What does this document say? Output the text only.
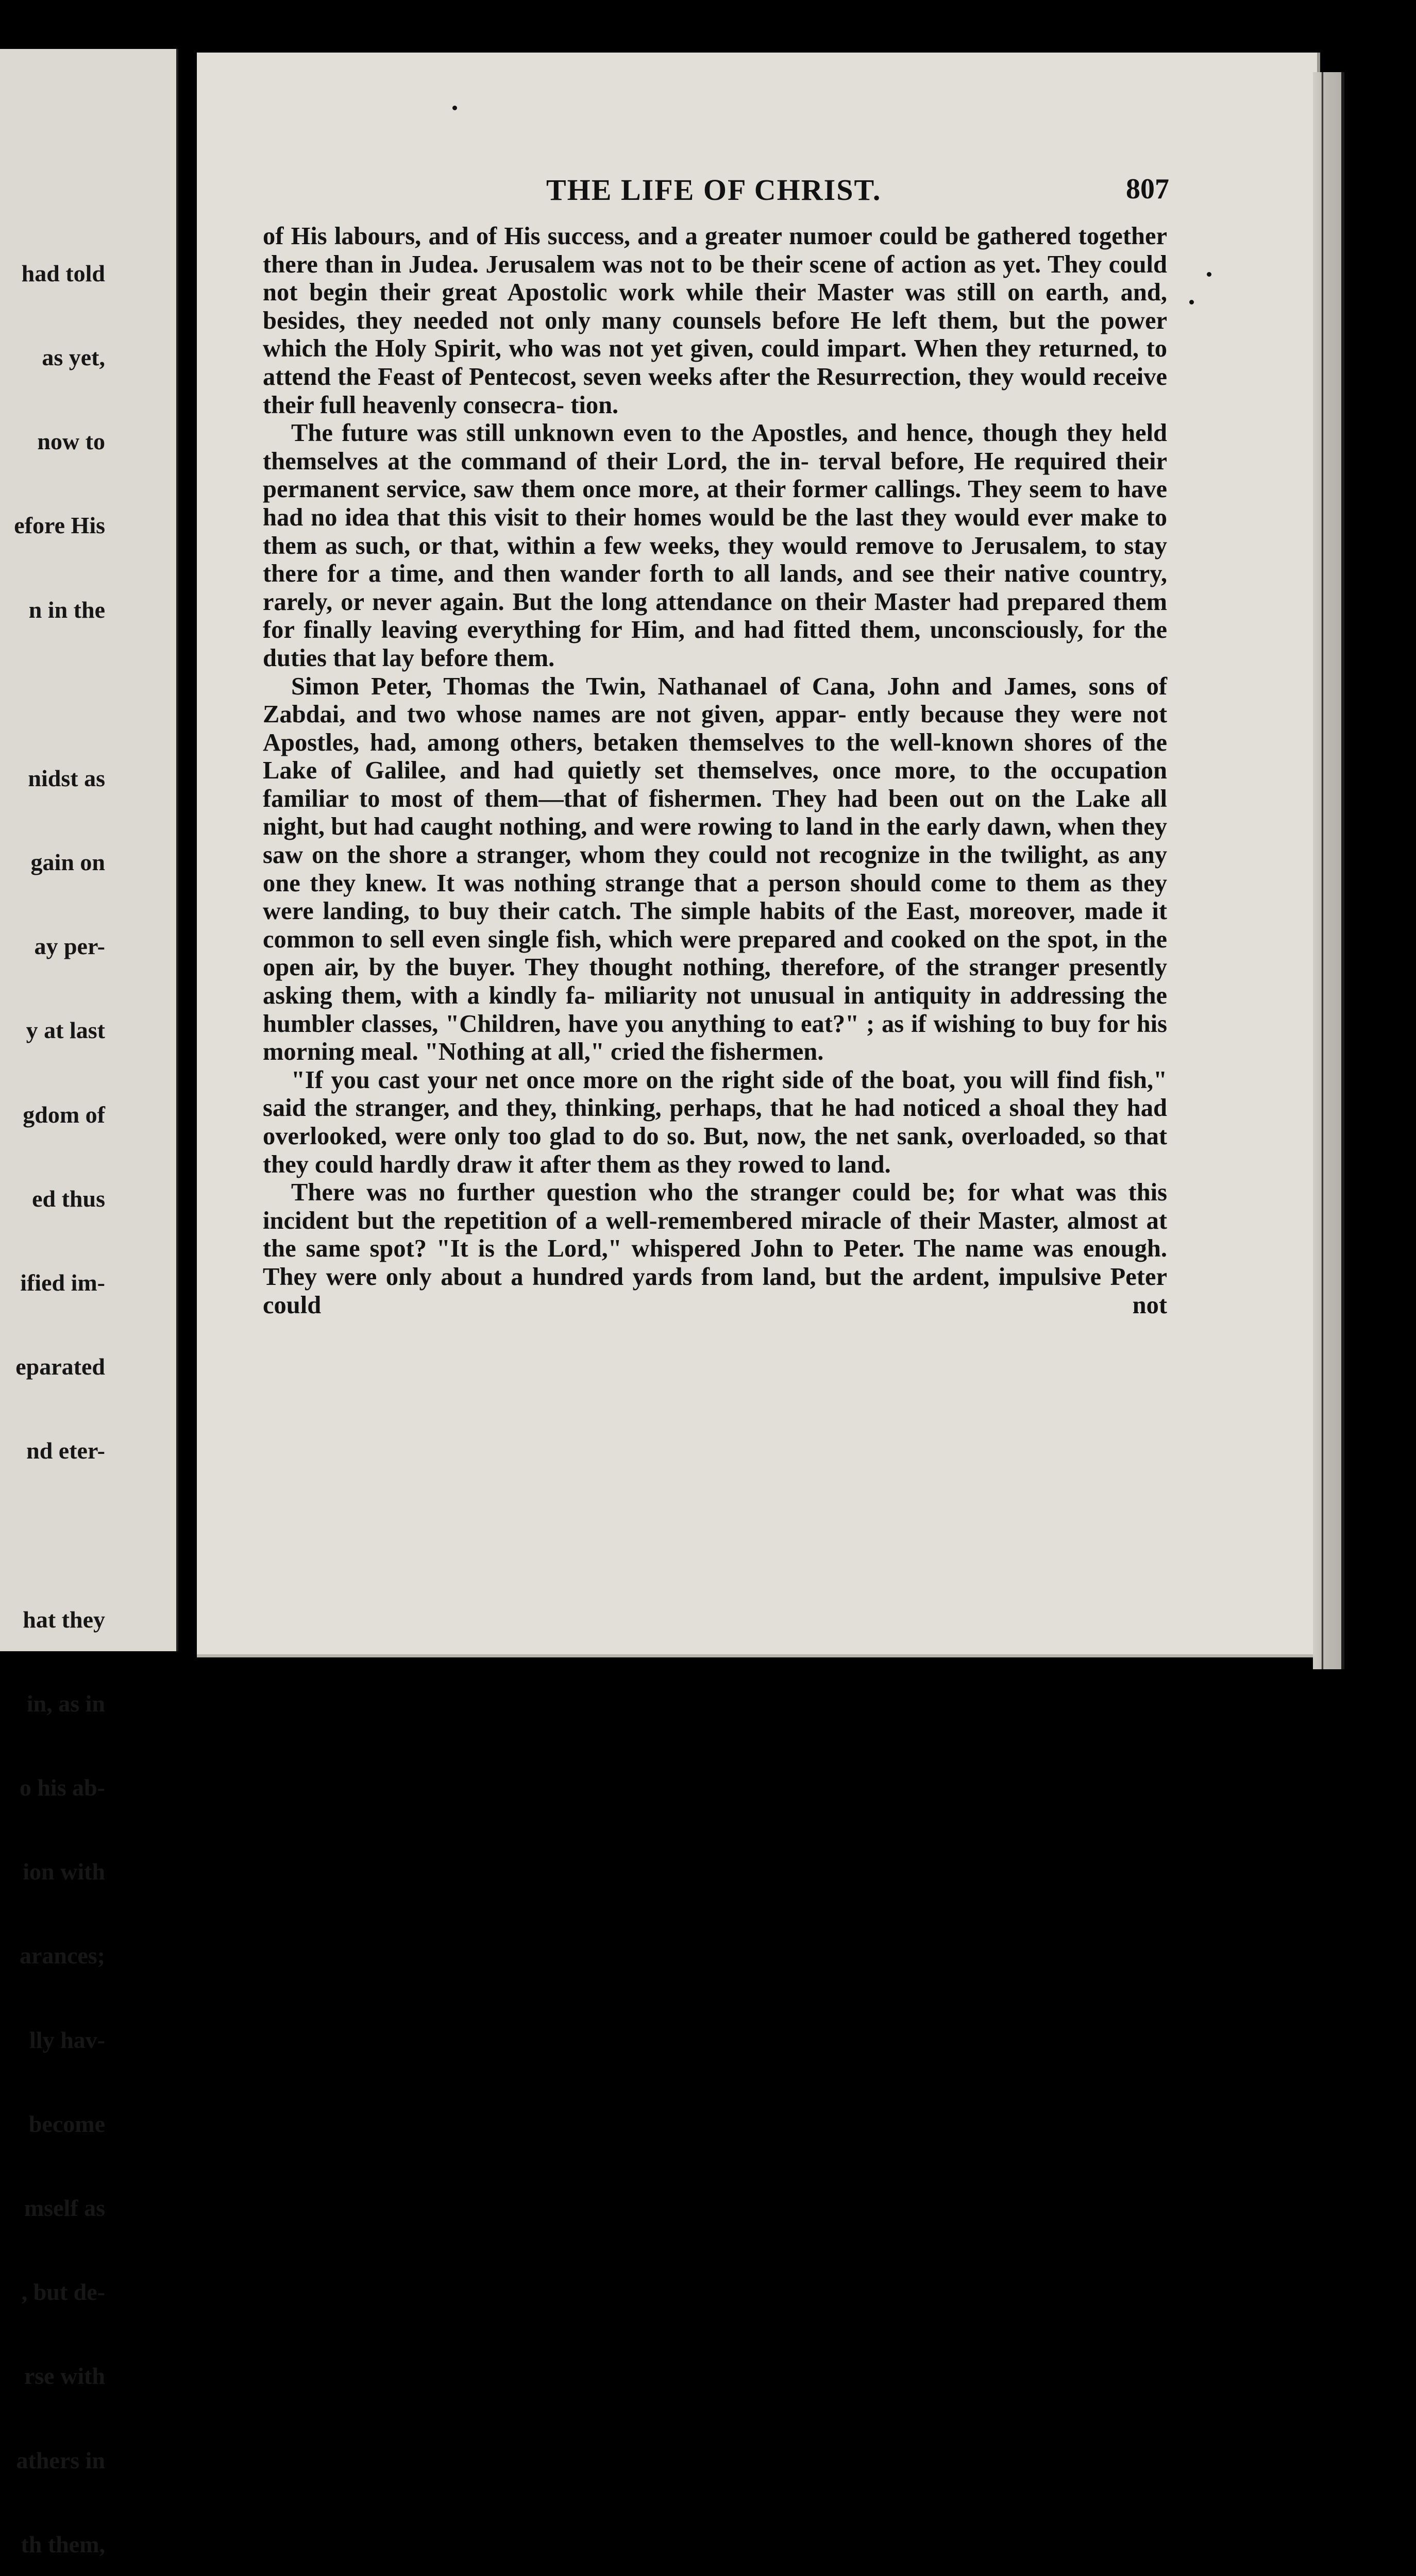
had told

as yet,

now to

efore His

n in the

nidst as

gain on

ay per-

y at last

gdom of

ed thus

ified im-

eparated

nd eter-

hat they

in, as in

o his ab-

ion with

arances;

lly hav-

become

mself as

, but de-

rse with

athers in

th them,

THE LIFE OF CHRIST.	807

of His labours, and of His success, and a greater numoer could be gathered together there than in Judea. Jerusalem was not to be their scene of action as yet. They could not begin their great Apostolic work while their Master was still on earth, and, besides, they needed not only many counsels before He left them, but the power which the Holy Spirit, who was not yet given, could impart. When they returned, to attend the Feast of Pentecost, seven weeks after the Resurrection, they would receive their full heavenly consecra- tion.

The future was still unknown even to the Apostles, and hence, though they held themselves at the command of their Lord, the in- terval before, He required their permanent service, saw them once more, at their former callings. They seem to have had no idea that this visit to their homes would be the last they would ever make to them as such, or that, within a few weeks, they would remove to Jerusalem, to stay there for a time, and then wander forth to all lands, and see their native country, rarely, or never again. But the long attendance on their Master had prepared them for finally leaving everything for Him, and had fitted them, unconsciously, for the duties that lay before them.

Simon Peter, Thomas the Twin, Nathanael of Cana, John and James, sons of Zabdai, and two whose names are not given, appar- ently because they were not Apostles, had, among others, betaken themselves to the well-known shores of the Lake of Galilee, and had quietly set themselves, once more, to the occupation familiar to most of them—that of fishermen. They had been out on the Lake all night, but had caught nothing, and were rowing to land in the early dawn, when they saw on the shore a stranger, whom they could not recognize in the twilight, as any one they knew. It was nothing strange that a person should come to them as they were landing, to buy their catch. The simple habits of the East, moreover, made it common to sell even single fish, which were prepared and cooked on the spot, in the open air, by the buyer. They thought nothing, therefore, of the stranger presently asking them, with a kindly fa- miliarity not unusual in antiquity in addressing the humbler classes, "Children, have you anything to eat?" ; as if wishing to buy for his morning meal. "Nothing at all," cried the fishermen.

"If you cast your net once more on the right side of the boat, you will find fish," said the stranger, and they, thinking, perhaps, that he had noticed a shoal they had overlooked, were only too glad to do so. But, now, the net sank, overloaded, so that they could hardly draw it after them as they rowed to land.

There was no further question who the stranger could be; for what was this incident but the repetition of a well-remembered miracle of their Master, almost at the same spot? "It is the Lord," whispered John to Peter. The name was enough. They were only about a hundred yards from land, but the ardent, impulsive Peter could not
